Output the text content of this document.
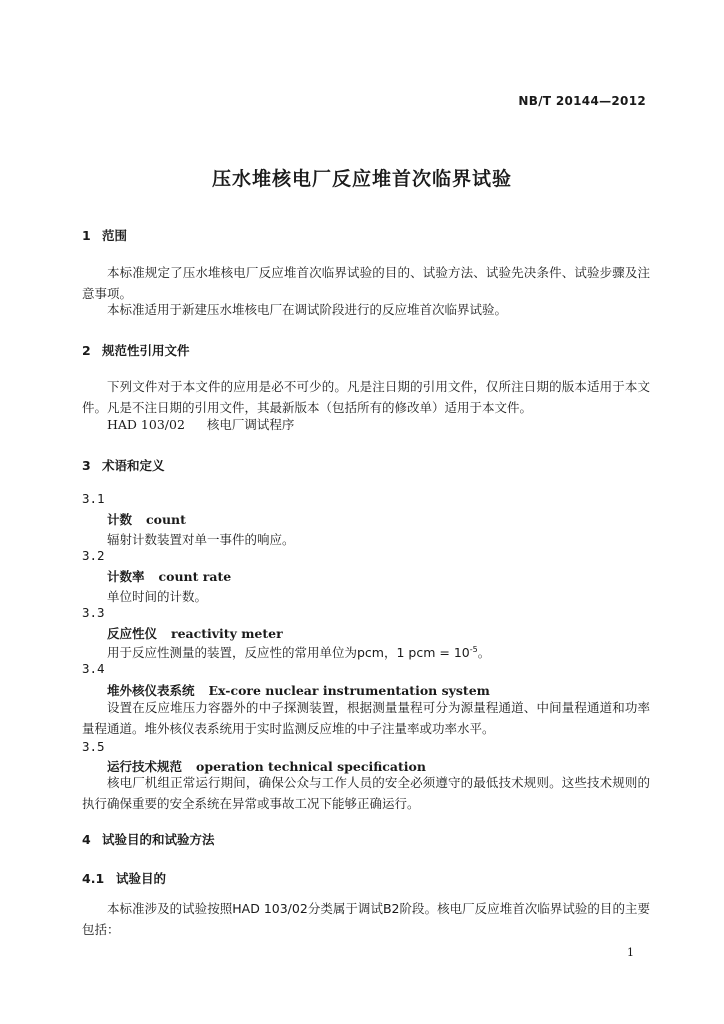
NB/T 20144—2012
压水堆核电厂反应堆首次临界试验
1 范围
本标准规定了压水堆核电厂反应堆首次临界试验的目的、试验方法、试验先决条件、试验步骤及注意事项。
本标准适用于新建压水堆核电厂在调试阶段进行的反应堆首次临界试验。
2 规范性引用文件
下列文件对于本文件的应用是必不可少的。凡是注日期的引用文件，仅所注日期的版本适用于本文件。凡是不注日期的引用文件，其最新版本（包括所有的修改单）适用于本文件。
HAD 103/02 核电厂调试程序
3 术语和定义
3.1
计数 count
辐射计数装置对单一事件的响应。
3.2
计数率 count rate
单位时间的计数。
3.3
反应性仪 reactivity meter
用于反应性测量的装置，反应性的常用单位为pcm，1 pcm = $10^{-5}$。
3.4
堆外核仪表系统 Ex-core nuclear instrumentation system
设置在反应堆压力容器外的中子探测装置，根据测量量程可分为源量程通道、中间量程通道和功率量程通道。堆外核仪表系统用于实时监测反应堆的中子注量率或功率水平。
3.5
运行技术规范 operation technical specification
核电厂机组正常运行期间，确保公众与工作人员的安全必须遵守的最低技术规则。这些技术规则的执行确保重要的安全系统在异常或事故工况下能够正确运行。
4 试验目的和试验方法
4.1 试验目的
本标准涉及的试验按照HAD 103/02分类属于调试B2阶段。核电厂反应堆首次临界试验的目的主要包括：
1
